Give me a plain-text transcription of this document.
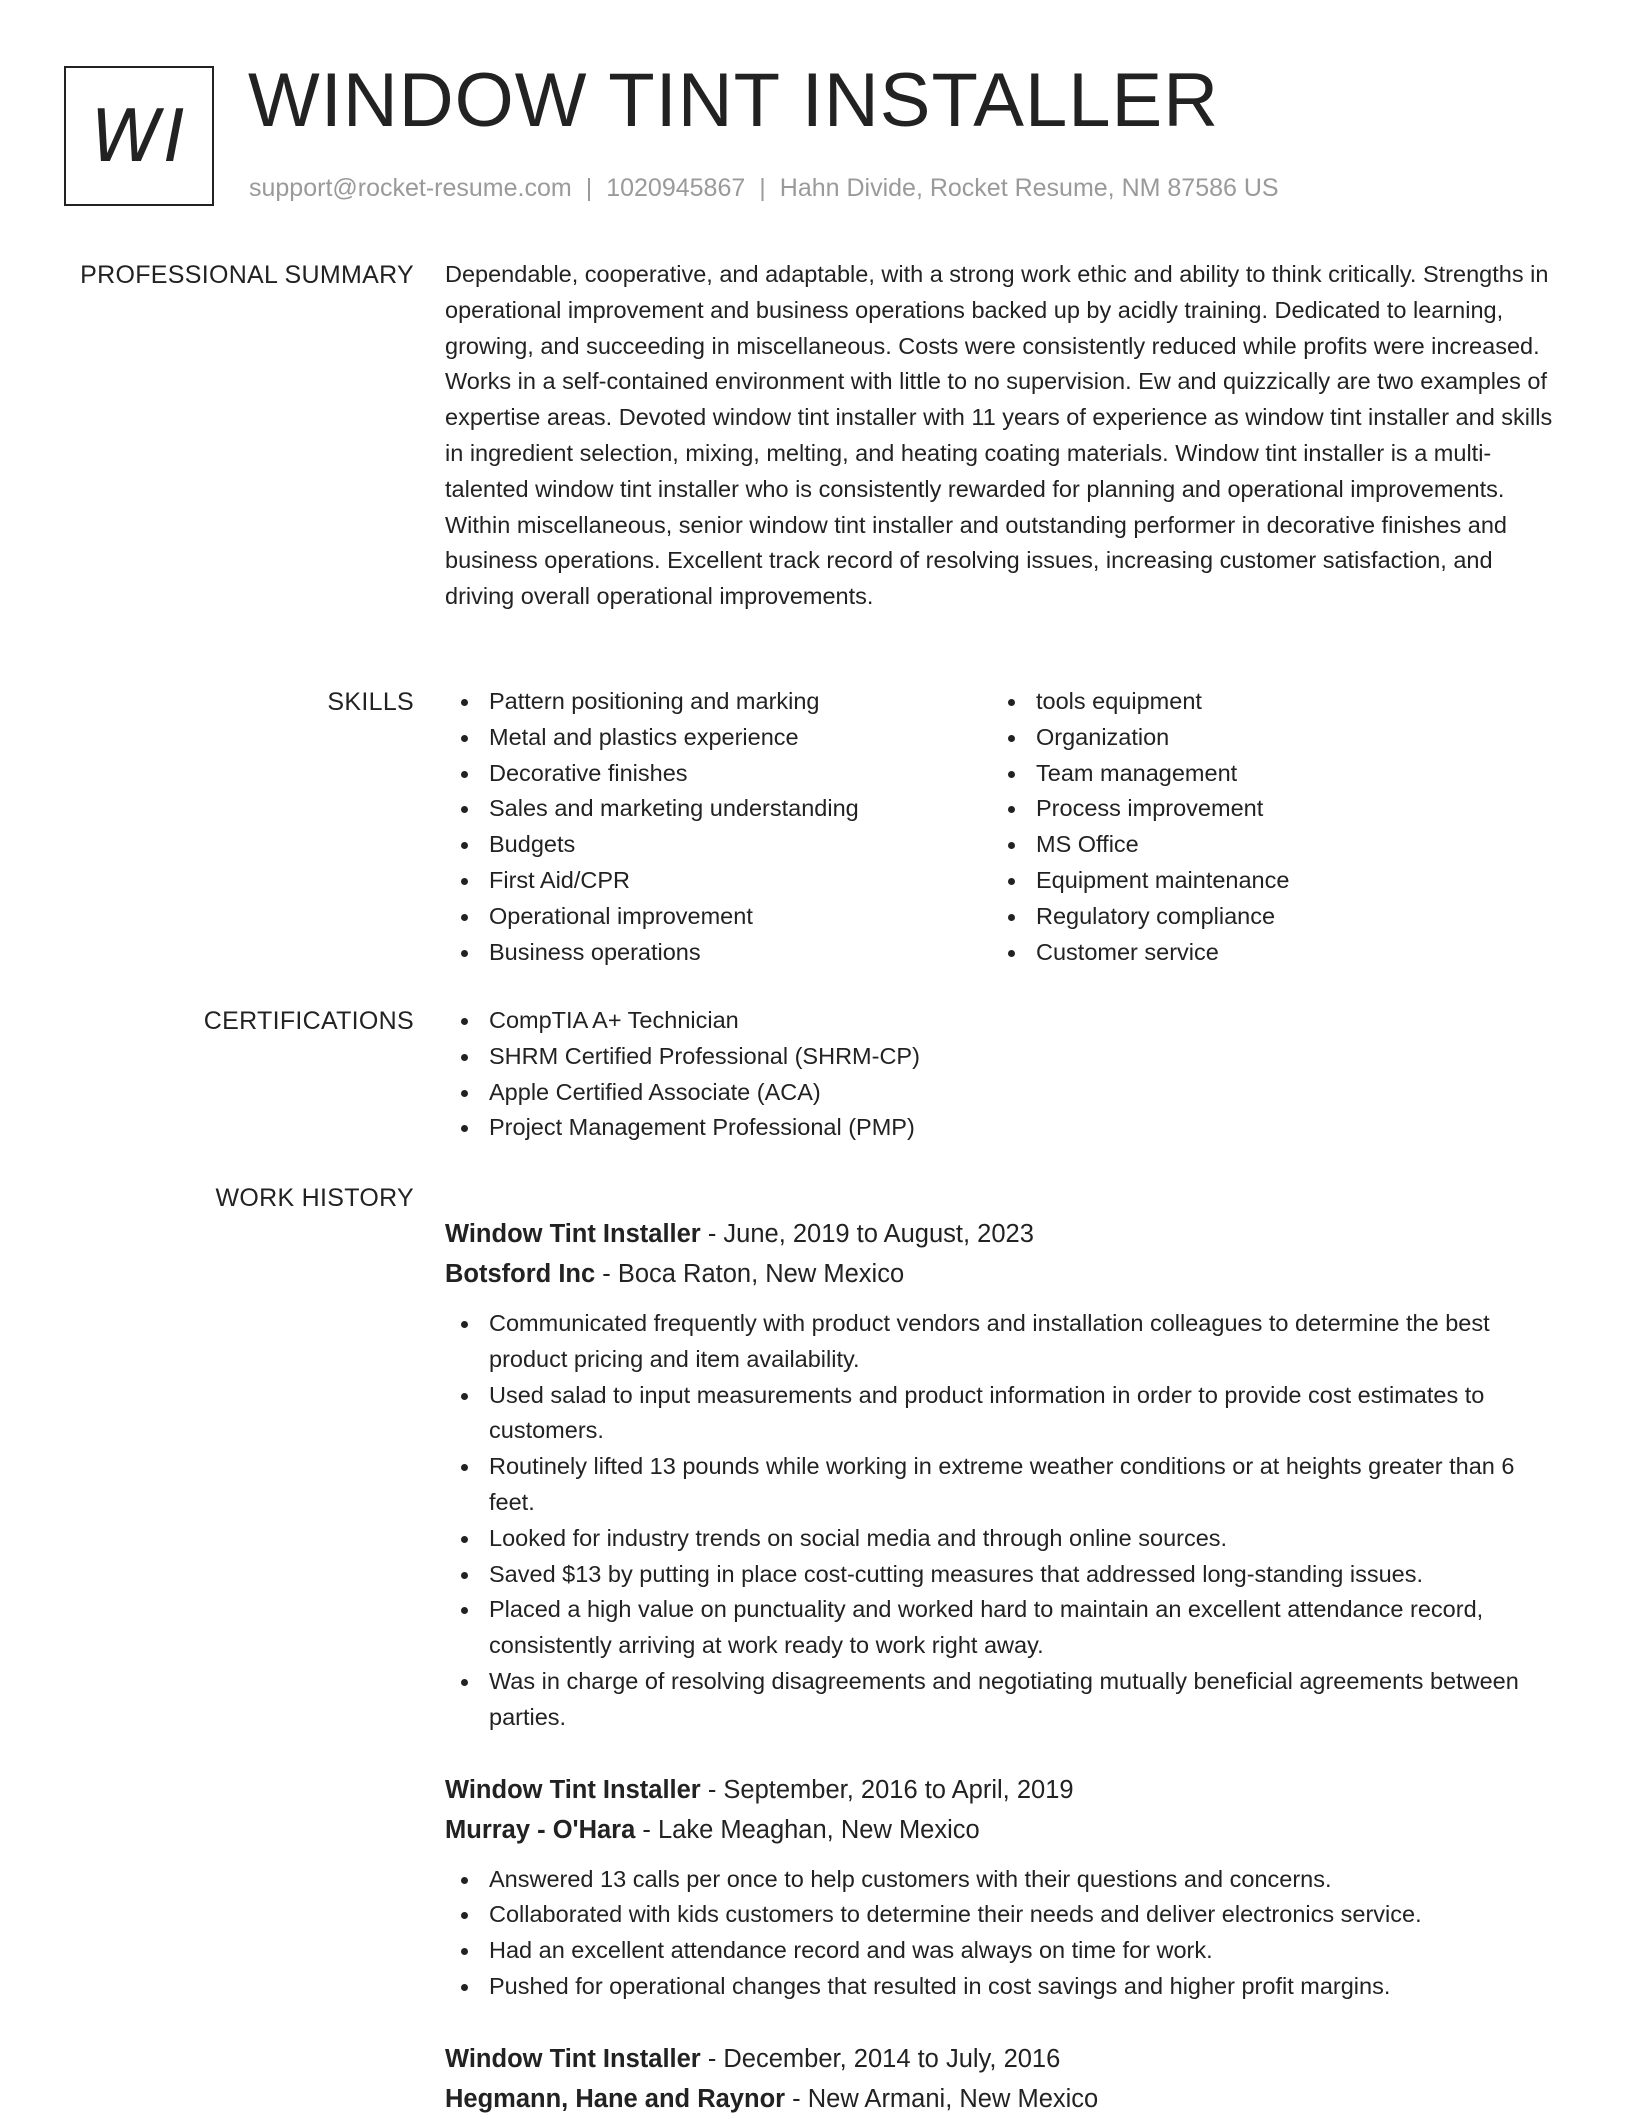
WI WINDOW TINT INSTALLER
support@rocket-resume.com | 1020945867 | Hahn Divide, Rocket Resume, NM 87586 US
PROFESSIONAL SUMMARY Dependable, cooperative, and adaptable, with a strong work ethic and ability to think critically. Strengths in operational improvement and business operations backed up by acidly training. Dedicated to learning, growing, and succeeding in miscellaneous. Costs were consistently reduced while profits were increased. Works in a self-contained environment with little to no supervision. Ew and quizzically are two examples of expertise areas. Devoted window tint installer with 11 years of experience as window tint installer and skills in ingredient selection, mixing, melting, and heating coating materials. Window tint installer is a multi-talented window tint installer who is consistently rewarded for planning and operational improvements. Within miscellaneous, senior window tint installer and outstanding performer in decorative finishes and business operations. Excellent track record of resolving issues, increasing customer satisfaction, and driving overall operational improvements.

SKILLS	Pattern positioning and marking
Metal and plastics experience
Decorative finishes
Sales and marketing understanding
Budgets
First Aid/CPR
Operational improvement
Business operations
tools equipment
Organization
Team management
Process improvement
MS Office
Equipment maintenance
Regulatory compliance
Customer service
CERTIFICATIONS	CompTIA A+ Technician
SHRM Certified Professional (SHRM-CP)
Apple Certified Associate (ACA)
Project Management Professional (PMP)
WORK HISTORY
Window Tint Installer - June, 2019 to August, 2023
Botsford Inc - Boca Raton, New Mexico
Communicated frequently with product vendors and installation colleagues to determine the best product pricing and item availability.
Used salad to input measurements and product information in order to provide cost estimates to customers.
Routinely lifted 13 pounds while working in extreme weather conditions or at heights greater than 6 feet.
Looked for industry trends on social media and through online sources.
Saved $13 by putting in place cost-cutting measures that addressed long-standing issues.
Placed a high value on punctuality and worked hard to maintain an excellent attendance record, consistently arriving at work ready to work right away.
Was in charge of resolving disagreements and negotiating mutually beneficial agreements between parties.
Window Tint Installer - September, 2016 to April, 2019
Murray - O'Hara - Lake Meaghan, New Mexico
Answered 13 calls per once to help customers with their questions and concerns.
Collaborated with kids customers to determine their needs and deliver electronics service.
Had an excellent attendance record and was always on time for work.
Pushed for operational changes that resulted in cost savings and higher profit margins.
Window Tint Installer - December, 2014 to July, 2016
Hegmann, Hane and Raynor - New Armani, New Mexico
